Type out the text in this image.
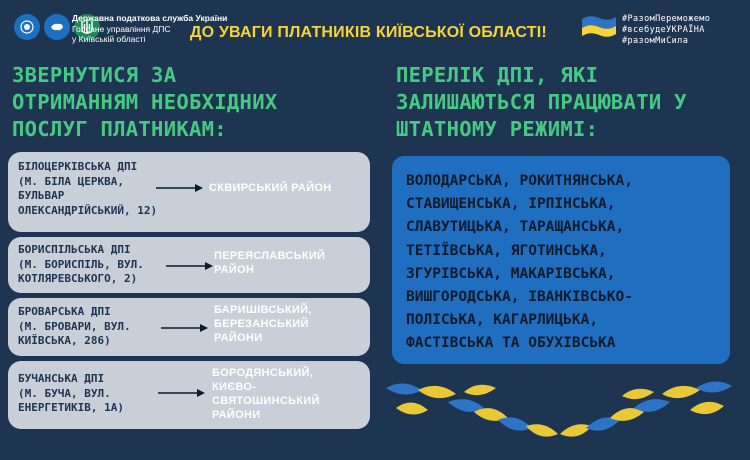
Державна податкова служба України
Головне управління ДПС
у Київській області	ДО УВАГИ ПЛАТНИКІВ КИЇВСЬКОЇ ОБЛАСТІ!
#РазомПереможемо
#всебудеУКРАЇНА
#разомМиСила
ЗВЕРНУТИСЯ ЗА
ОТРИМАННЯМ НЕОБХІДНИХ
ПОСЛУГ ПЛАТНИКАМ:
ПЕРЕЛІК ДПІ, ЯКІ
ЗАЛИШАЮТЬСЯ ПРАЦЮВАТИ У
ШТАТНОМУ РЕЖИМІ:
БІЛОЦЕРКІВСЬКА ДПІ
(М. БІЛА ЦЕРКВА,
БУЛЬВАР
ОЛЕКСАНДРІЙСЬКИЙ, 12)
СКВИРСЬКИЙ РАЙОН
БОРИСПІЛЬСЬКА ДПІ
(М. БОРИСПІЛЬ, ВУЛ.
КОТЛЯРЕВСЬКОГО, 2)
ПЕРЕЯСЛАВСЬКИЙ
РАЙОН
БРОВАРСЬКА ДПІ
(М. БРОВАРИ, ВУЛ.
КИЇВСЬКА, 286)
БАРИШІВСЬКИЙ,
БЕРЕЗАНСЬКИЙ
РАЙОНИ
БУЧАНСЬКА ДПІ
(М. БУЧА, ВУЛ.
ЕНЕРГЕТИКІВ, 1А)
БОРОДЯНСЬКИЙ,
КИЄВО-
СВЯТОШИНСЬКИЙ
РАЙОНИ
ВОЛОДАРСЬКА, РОКИТНЯНСЬКА,
СТАВИЩЕНСЬКА, ІРПІНСЬКА,
СЛАВУТИЦЬКА, ТАРАЩАНСЬКА,
ТЕТІЇВСЬКА, ЯГОТИНСЬКА,
ЗГУРІВСЬКА, МАКАРІВСЬКА,
ВИШГОРОДСЬКА, ІВАНКІВСЬКО-
ПОЛІСЬКА, КАГАРЛИЦЬКА,
ФАСТІВСЬКА ТА ОБУХІВСЬКА
